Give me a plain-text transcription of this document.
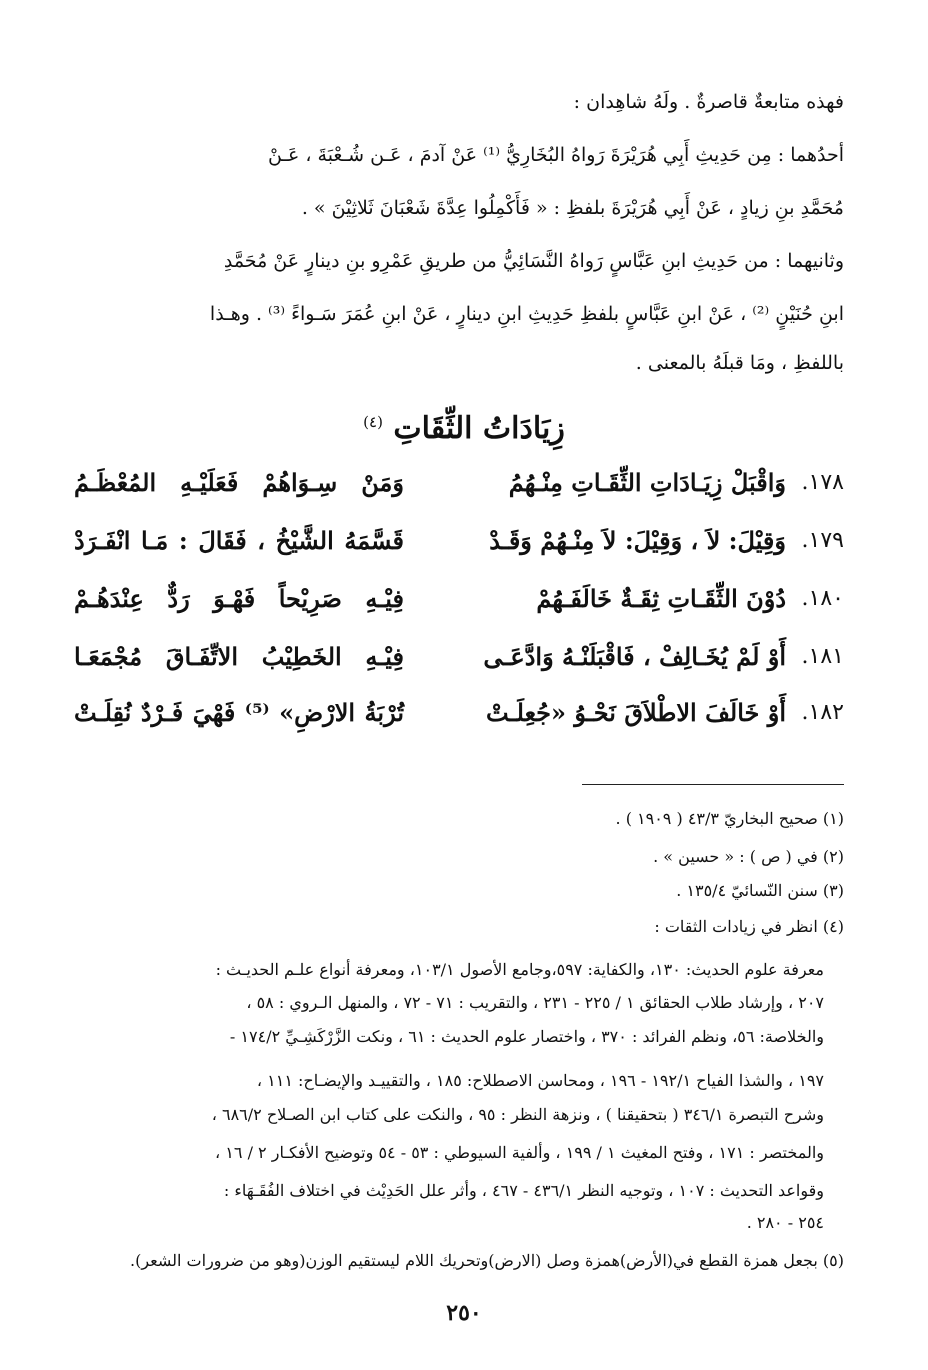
فهذه متابعةٌ قاصرةٌ . ولَهُ شاهِدان :
أحدُهما : مِن حَدِيثِ أَبِي هُرَيْرَةَ رَواهُ البُخَارِيُّ ⁽¹⁾ عَنْ آدمَ ، عَـن شُـعْبَةَ ، عَـنْ
مُحَمَّدِ بنِ زيادٍ ، عَنْ أَبِي هُرَيْرَةَ بلفظِ : « فَأَكْمِلُوا عِدَّةَ شَعْبَانَ ثَلاثِيْنَ » .
وثانيهما : من حَدِيثِ ابنِ عَبَّاسٍ رَواهُ النَّسَائِيُّ من طريقِ عَمْرِو بنِ دينارٍ عَنْ مُحَمَّدِ
ابنِ حُنَيْنٍ ⁽²⁾ ، عَنْ ابنِ عَبَّاسٍ بلفظِ حَدِيثِ ابنِ دينارٍ ، عَنْ ابنِ عُمَرَ سَـواءً ⁽³⁾ . وهـذا
باللفظِ ، ومَا قبلَهُ بالمعنى .
زِيَادَاتُ الثِّقَاتِ $^{(٤)}$
١٧٨.
وَاقْبَلْ زِيَـادَاتِ الثِّقَـاتِ مِنْـهُمُ
وَمَنْ سِـوَاهُمْ فَعَلَيْـهِ المُعْظَـمُ
١٧٩.
وَقِيْلَ: لاَ ، وَقِيْلَ: لاَ مِنْـهُمْ وَقَـدْ
قَسَّمَهُ الشَّيْخُ ، فَقَالَ : مَـا انْفَـرَدْ
١٨٠.
دُوْنَ الثِّقَـاتِ ثِقَـةٌ خَالَفَـهُمْ
فِيْـهِ صَرِيْحاً فَهْـوَ رَدٌّ عِنْدَهُـمْ
١٨١.
أَوْ لَمْ يُخَـالِفْ ، فَاقْبَلَنْـهُ وَادَّعَـى
فِيْـهِ الخَطِيْبُ الاتِّفَـاقَ مُجْمَعَـا
١٨٢.
أَوْ خَالَفَ الاطْلاَقَ نَحْـوُ «جُعِلَـتْ
تُرْبَةُ الارْضِ» ⁽⁵⁾ فَهْيَ فَـرْدٌ نُقِلَـتْ
(١) صحيح البخاريّ ٤٣/٣ ( ١٩٠٩ ) .
(٢) في ( ص ) : « حسين » .
(٣) سنن النّسائيّ ١٣٥/٤ .
(٤) انظر في زيادات الثقات :
معرفة علوم الحديث: ١٣٠، والكفاية: ٥٩٧،وجامع الأصول ١٠٣/١، ومعرفة أنواع علـم الحديـث :
٢٠٧ ، وإرشاد طلاب الحقائق ١ / ٢٢٥ - ٢٣١ ، والتقريب : ٧١ - ٧٢ ، والمنهل الـروي : ٥٨ ،
والخلاصة: ٥٦، ونظم الفرائد : ٣٧٠ ، واختصار علوم الحديث : ٦١ ، ونكت الزَّرْكَشِـيِّ ١٧٤/٢ -
١٩٧ ، والشذا الفياح ١٩٢/١ - ١٩٦ ، ومحاسن الاصطلاح: ١٨٥ ، والتقييـد والإيضـاح: ١١١ ،
وشرح التبصرة ٣٤٦/١ ( بتحقيقنا ) ، ونزهة النظر : ٩٥ ، والنكت على كتاب ابن الصـلاح ٦٨٦/٢ ،
والمختصر : ١٧١ ، وفتح المغيث ١ / ١٩٩ ، وألفية السيوطي : ٥٣ - ٥٤ وتوضيح الأفكـار ٢ / ١٦ ،
وقواعد التحديث : ١٠٧ ، وتوجيه النظر ٤٣٦/١ - ٤٦٧ ، وأثر علل الحَدِيْث في اختلاف الفُقَـهَاء :
٢٥٤ - ٢٨٠ .
(٥) بجعل همزة القطع في(الأرض)همزة وصل (الارض)وتحريك اللام ليستقيم الوزن(وهو من ضرورات الشعر).
٢٥٠
